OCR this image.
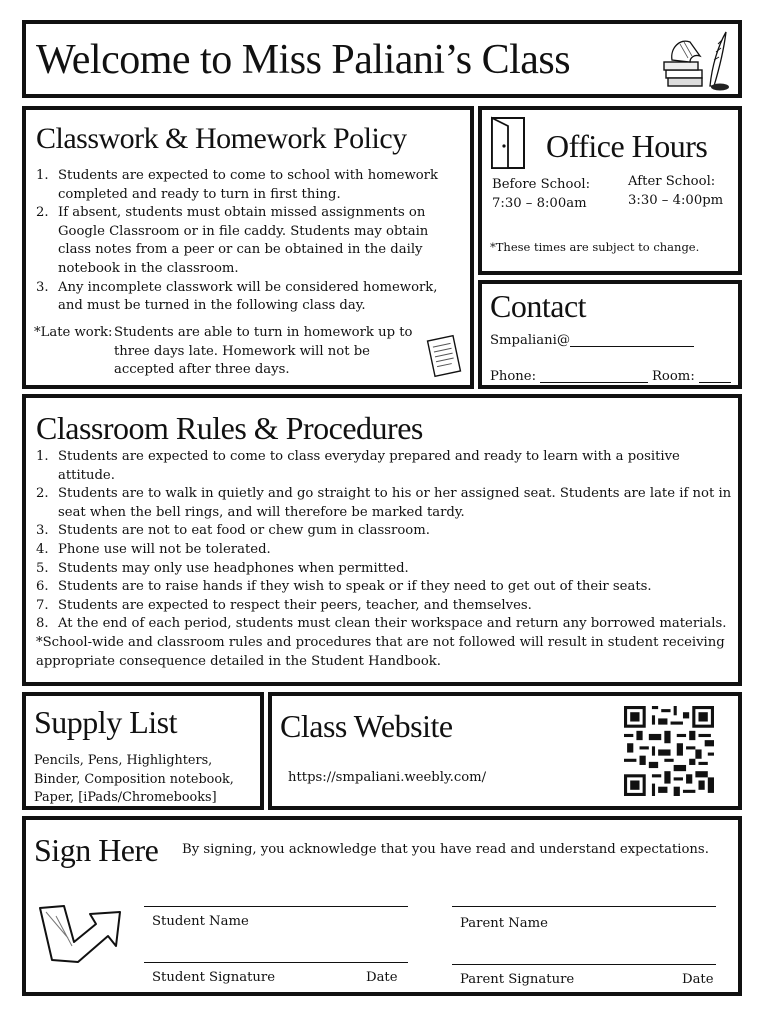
Welcome to Miss Paliani’s Class
Classwork & Homework Policy
1. Students are expected to come to school with homework completed and ready to turn in first thing.
2. If absent, students must obtain missed assignments on Google Classroom or in file caddy. Students may obtain class notes from a peer or can be obtained in the daily notebook in the classroom.
3. Any incomplete classwork will be considered homework, and must be turned in the following class day.
*Late work: Students are able to turn in homework up to three days late. Homework will not be accepted after three days.
Office Hours
Before School:
7:30 – 8:00am
After School:
3:30 – 4:00pm
*These times are subject to change.
Contact
Smpaliani@
Phone:	Room:
Classroom Rules & Procedures
1. Students are expected to come to class everyday prepared and ready to learn with a positive attitude.
2. Students are to walk in quietly and go straight to his or her assigned seat. Students are late if not in seat when the bell rings, and will therefore be marked tardy.
3. Students are not to eat food or chew gum in classroom.
4. Phone use will not be tolerated.
5. Students may only use headphones when permitted.
6. Students are to raise hands if they wish to speak or if they need to get out of their seats.
7. Students are expected to respect their peers, teacher, and themselves.
8. At the end of each period, students must clean their workspace and return any borrowed materials.
*School-wide and classroom rules and procedures that are not followed will result in student receiving appropriate consequence detailed in the Student Handbook.
Supply List
Pencils, Pens, Highlighters, Binder, Composition notebook, Paper, [iPads/Chromebooks]
Class Website
https://smpaliani.weebly.com/
Sign Here By signing, you acknowledge that you have read and understand expectations.
Student Name
Student Signature	Date
Parent Name
Parent Signature	Date
